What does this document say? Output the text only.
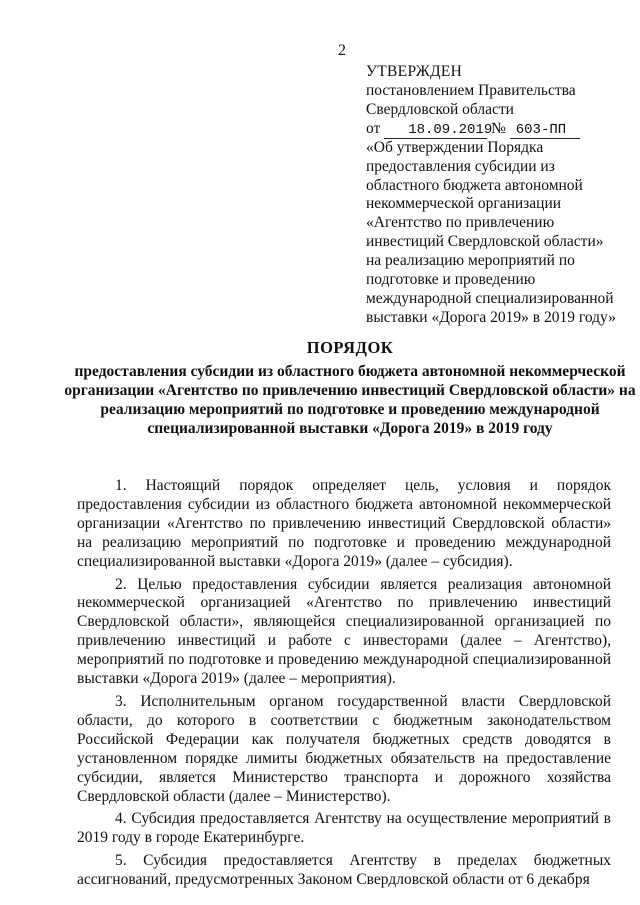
2
УТВЕРЖДЕН
постановлением Правительства
Свердловской области
от 18.09.2019 № 603-ПП
«Об утверждении Порядка предоставления субсидии из областного бюджета автономной некоммерческой организации «Агентство по привлечению инвестиций Свердловской области» на реализацию мероприятий по подготовке и проведению международной специализированной выставки «Дорога 2019» в 2019 году»
ПОРЯДОК
предоставления субсидии из областного бюджета автономной некоммерческой организации «Агентство по привлечению инвестиций Свердловской области» на реализацию мероприятий по подготовке и проведению международной специализированной выставки «Дорога 2019» в 2019 году

1. Настоящий порядок определяет цель, условия и порядок предоставления субсидии из областного бюджета автономной некоммерческой организации «Агентство по привлечению инвестиций Свердловской области» на реализацию мероприятий по подготовке и проведению международной специализированной выставки «Дорога 2019» (далее – субсидия).

2. Целью предоставления субсидии является реализация автономной некоммерческой организацией «Агентство по привлечению инвестиций Свердловской области», являющейся специализированной организацией по привлечению инвестиций и работе с инвесторами (далее – Агентство), мероприятий по подготовке и проведению международной специализированной выставки «Дорога 2019» (далее – мероприятия).

3. Исполнительным органом государственной власти Свердловской области, до которого в соответствии с бюджетным законодательством Российской Федерации как получателя бюджетных средств доводятся в установленном порядке лимиты бюджетных обязательств на предоставление субсидии, является Министерство транспорта и дорожного хозяйства Свердловской области (далее – Министерство).

4. Субсидия предоставляется Агентству на осуществление мероприятий в 2019 году в городе Екатеринбурге.

5. Субсидия предоставляется Агентству в пределах бюджетных ассигнований, предусмотренных Законом Свердловской области от 6 декабря
